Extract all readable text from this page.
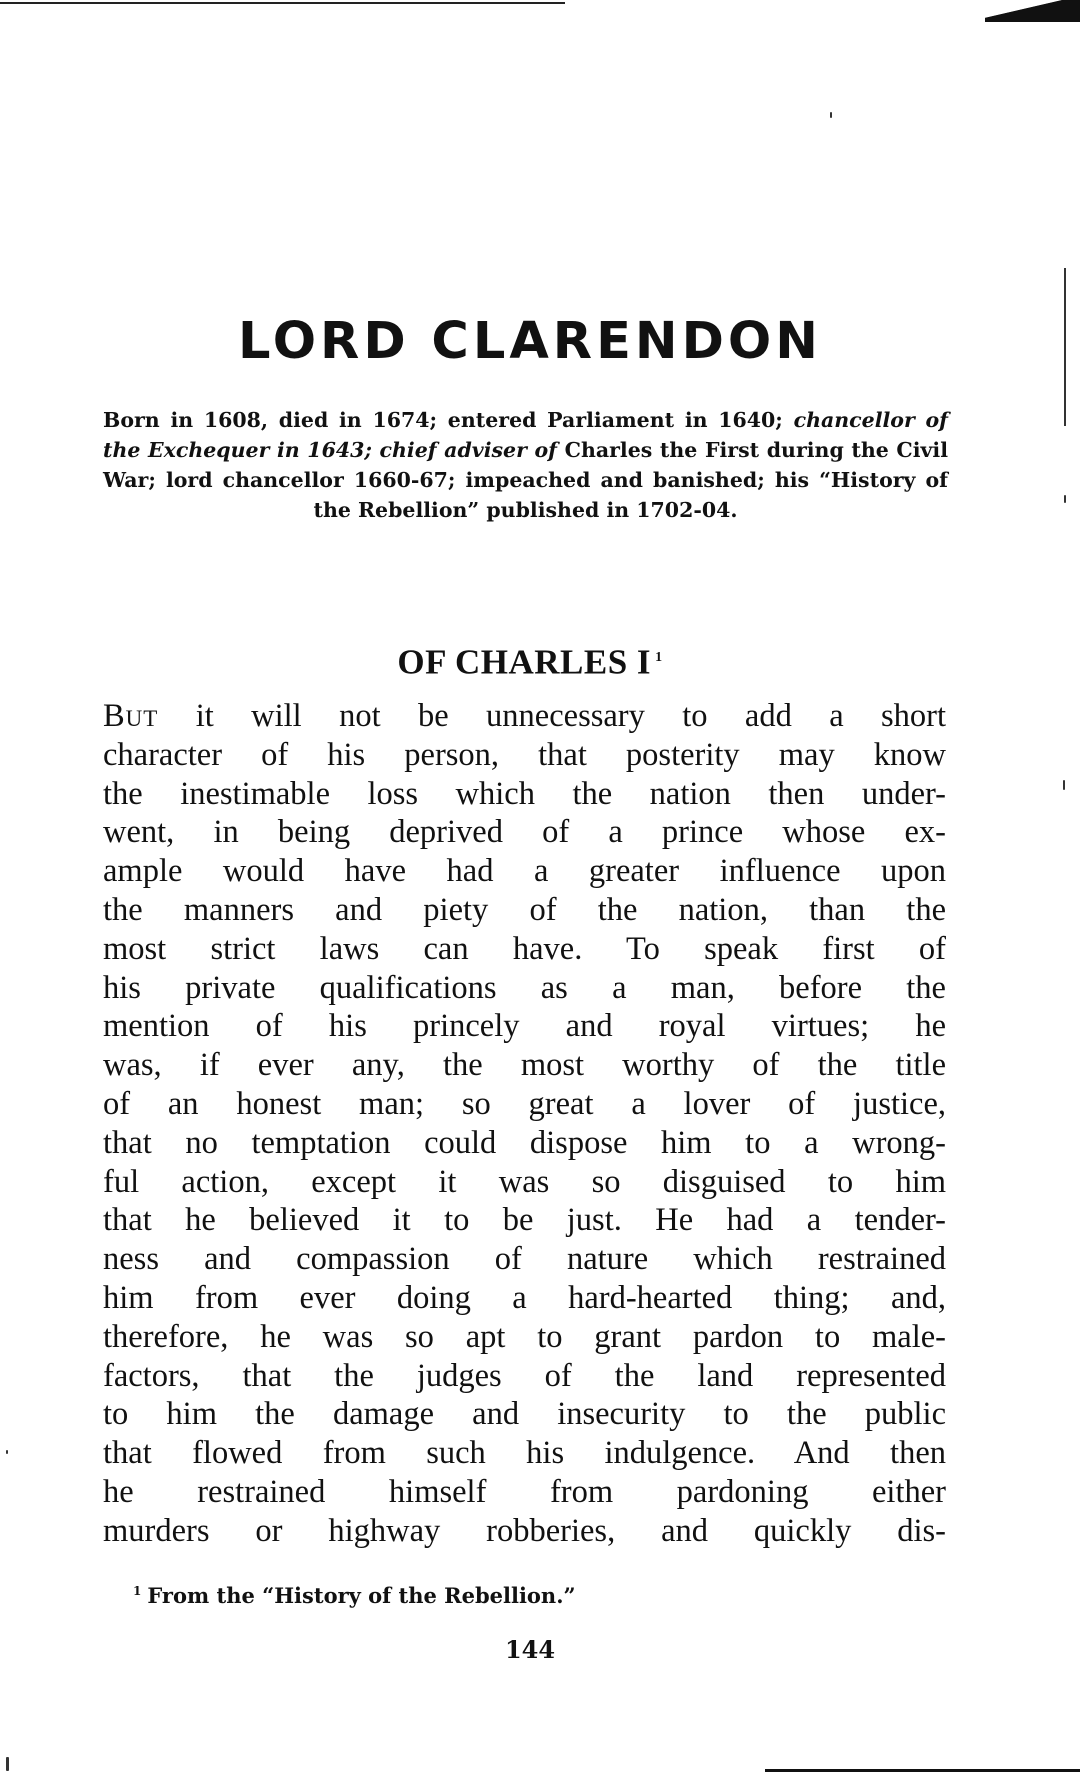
LORD CLARENDON
Born in 1608, died in 1674; entered Parliament in 1640; chancellor of the Exchequer in 1643; chief adviser of Charles the First during the Civil War; lord chancellor 1660-67; impeached and banished; his “History of the Rebellion” published in 1702-04.
OF CHARLES I $^1$
But it will not be unnecessary to add a short
character of his person, that posterity may know
the inestimable loss which the nation then under-
went, in being deprived of a prince whose ex-
ample would have had a greater influence upon
the manners and piety of the nation, than the
most strict laws can have. To speak first of
his private qualifications as a man, before the
mention of his princely and royal virtues; he
was, if ever any, the most worthy of the title
of an honest man; so great a lover of justice,
that no temptation could dispose him to a wrong-
ful action, except it was so disguised to him
that he believed it to be just. He had a tender-
ness and compassion of nature which restrained
him from ever doing a hard-hearted thing; and,
therefore, he was so apt to grant pardon to male-
factors, that the judges of the land represented
to him the damage and insecurity to the public
that flowed from such his indulgence. And then
he restrained himself from pardoning either
murders or highway robberies, and quickly dis-
$^1$ From the “History of the Rebellion.”
144
